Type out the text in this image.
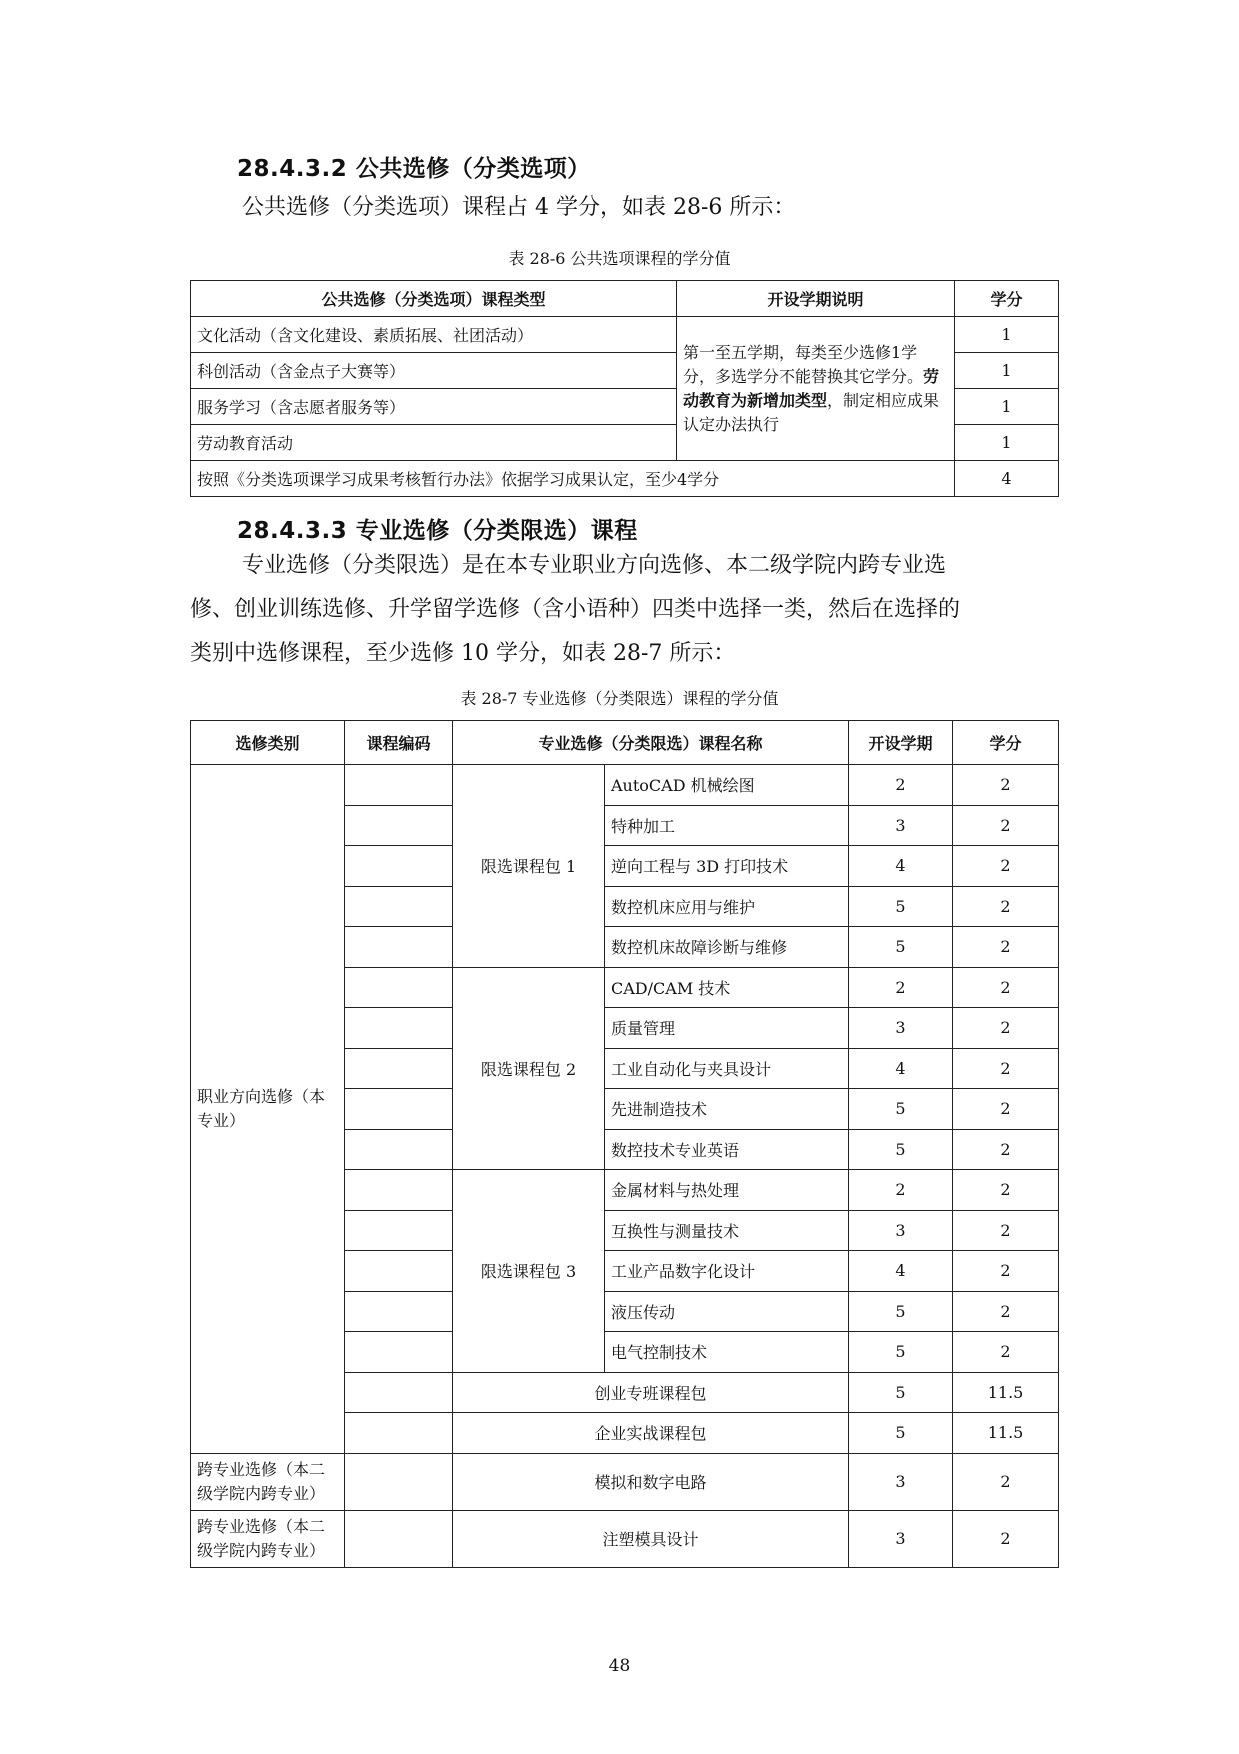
28.4.3.2 公共选修（分类选项）
公共选修（分类选项）课程占 4 学分，如表 28-6 所示：
表 28-6 公共选项课程的学分值
公共选修（分类选项）课程类型	开设学期说明	学分
文化活动（含文化建设、素质拓展、社团活动）	第一至五学期，每类至少选修1学分，多选学分不能替换其它学分。劳动教育为新增加类型，制定相应成果认定办法执行	1
科创活动（含金点子大赛等）		1
服务学习（含志愿者服务等）		1
劳动教育活动		1
按照《分类选项课学习成果考核暂行办法》依据学习成果认定，至少4学分		4
28.4.3.3 专业选修（分类限选）课程
专业选修（分类限选）是在本专业职业方向选修、本二级学院内跨专业选
修、创业训练选修、升学留学选修（含小语种）四类中选择一类，然后在选择的
类别中选修课程，至少选修 10 学分，如表 28-7 所示：
表 28-7 专业选修（分类限选）课程的学分值
选修类别	课程编码	专业选修（分类限选）课程名称		开设学期	学分
职业方向选修（本专业）		限选课程包 1	AutoCAD 机械绘图	2	2
			特种加工	3	2
			逆向工程与 3D 打印技术	4	2
			数控机床应用与维护	5	2
			数控机床故障诊断与维修	5	2
		限选课程包 2	CAD/CAM 技术	2	2
			质量管理	3	2
			工业自动化与夹具设计	4	2
			先进制造技术	5	2
			数控技术专业英语	5	2
		限选课程包 3	金属材料与热处理	2	2
			互换性与测量技术	3	2
			工业产品数字化设计	4	2
			液压传动	5	2
			电气控制技术	5	2
		创业专班课程包		5	11.5
		企业实战课程包		5	11.5
跨专业选修（本二级学院内跨专业）		模拟和数字电路		3	2
跨专业选修（本二级学院内跨专业）		注塑模具设计		3	2
48
